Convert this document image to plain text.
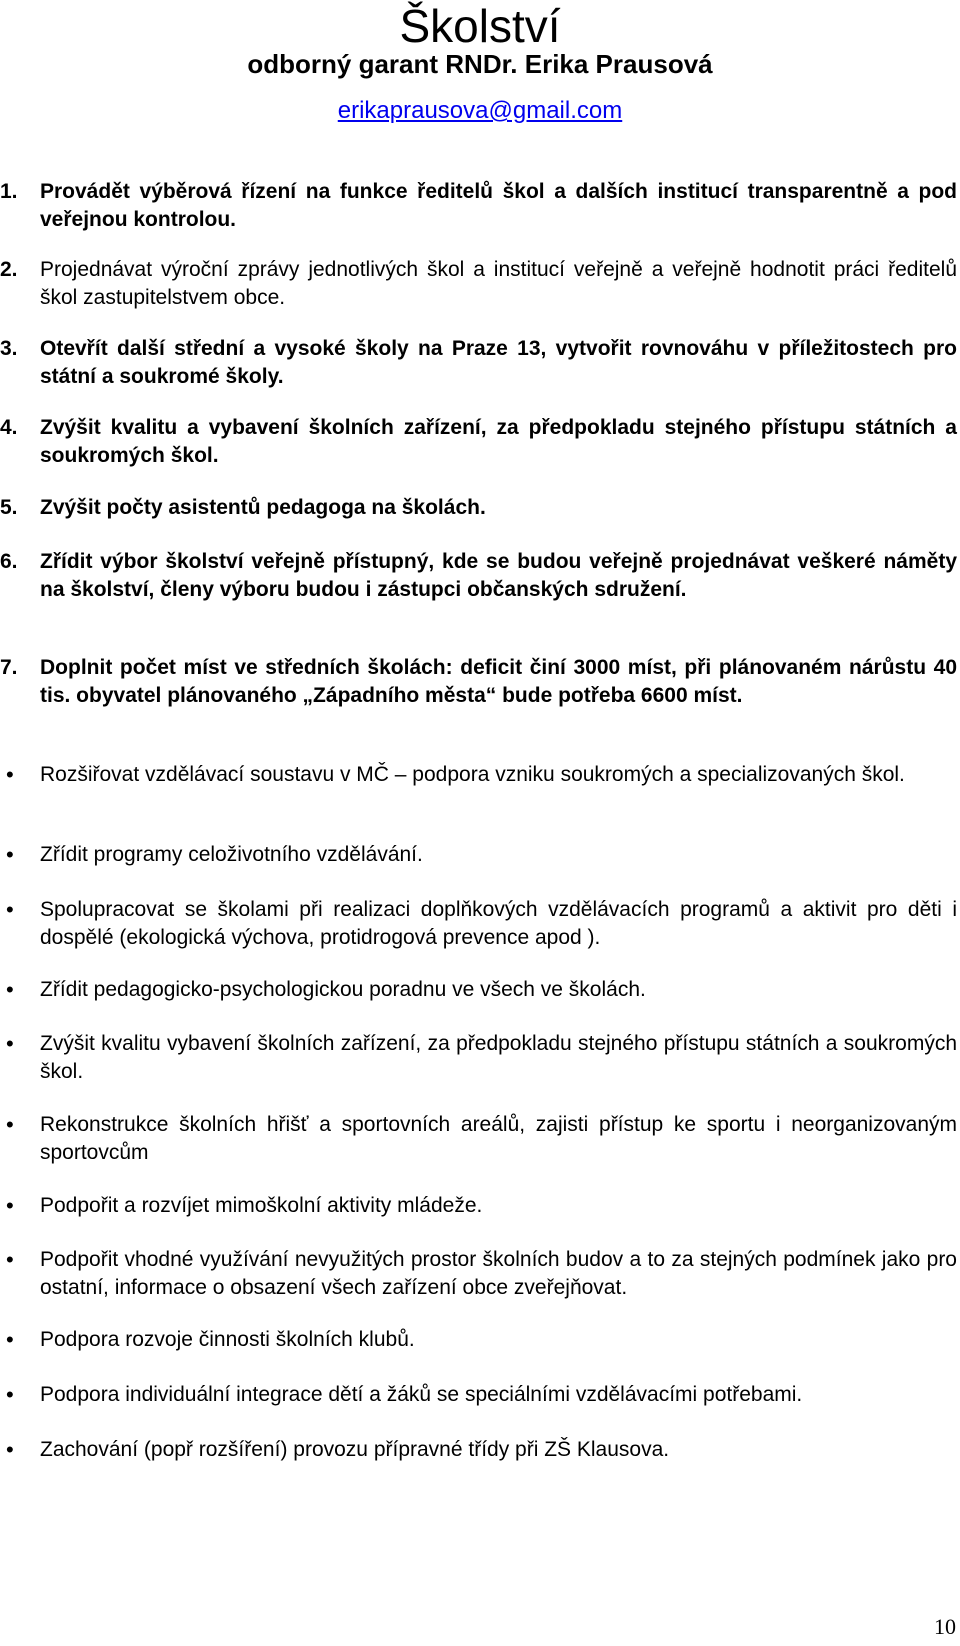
Školství

odborný garant RNDr. Erika Prausová

erikaprausova@gmail.com

1.	Provádět výběrová řízení na funkce ředitelů škol a dalších institucí transparentně a pod veřejnou kontrolou.
2.	Projednávat výroční zprávy jednotlivých škol a institucí veřejně a veřejně hodnotit práci ředitelů škol zastupitelstvem obce.
3.	Otevřít další střední a vysoké školy na Praze 13, vytvořit rovnováhu v příležitostech pro státní a soukromé školy.
4.	Zvýšit kvalitu a vybavení školních zařízení, za předpokladu stejného přístupu státních a soukromých škol.
5.	Zvýšit počty asistentů pedagoga na školách.
6.	Zřídit výbor školství veřejně přístupný, kde se budou veřejně projednávat veškeré náměty na školství, členy výboru budou i zástupci občanských sdružení.
7.	Doplnit počet míst ve středních školách: deficit činí 3000 míst, při plánovaném nárůstu 40 tis. obyvatel plánovaného „Západního města“ bude potřeba 6600 míst.
•	Rozšiřovat vzdělávací soustavu v MČ – podpora vzniku soukromých a specializovaných škol.
•	Zřídit programy celoživotního vzdělávání.
•	Spolupracovat se školami při realizaci doplňkových vzdělávacích programů a aktivit pro děti i dospělé (ekologická výchova, protidrogová prevence apod ).
•	Zřídit pedagogicko-psychologickou poradnu ve všech ve školách.
•	Zvýšit kvalitu vybavení školních zařízení, za předpokladu stejného přístupu státních a soukromých škol.
•	Rekonstrukce školních hřišť a sportovních areálů, zajisti přístup ke sportu i neorganizovaným sportovcům
•	Podpořit a rozvíjet mimoškolní aktivity mládeže.
•	Podpořit vhodné využívání nevyužitých prostor školních budov a to za stejných podmínek jako pro ostatní, informace o obsazení všech zařízení obce zveřejňovat.
•	Podpora rozvoje činnosti školních klubů.
•	Podpora individuální integrace dětí a žáků se speciálními vzdělávacími potřebami.
•	Zachování (popř rozšíření) provozu přípravné třídy při ZŠ Klausova.
10
